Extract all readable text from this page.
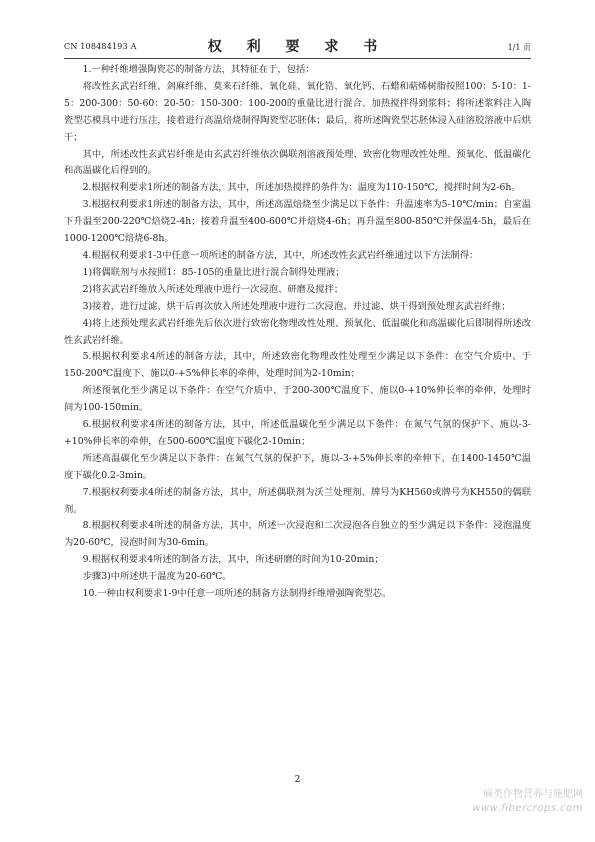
CN 108484193 A	权 利 要 求 书	1/1 页

1.一种纤维增强陶瓷芯的制备方法，其特征在于，包括：

将改性玄武岩纤维、剑麻纤维、莫来石纤维、氧化硅、氧化锆、氧化钙、石蜡和萜烯树脂按照100：5-10：1-5：200-300：50-60：20-50：150-300：100-200的重量比进行混合、加热搅拌得到浆料；将所述浆料注入陶瓷型芯模具中进行压注，接着进行高温焙烧制得陶瓷型芯胚体；最后，将所述陶瓷型芯胚体浸入硅溶胶溶液中后烘干；

其中，所述改性玄武岩纤维是由玄武岩纤维依次偶联剂溶液预处理、致密化物理改性处理、预氧化、低温碳化和高温碳化后得到的。

2.根据权利要求1所述的制备方法，其中，所述加热搅拌的条件为：温度为110-150℃，搅拌时间为2-6h。

3.根据权利要求1所述的制备方法，其中，所述高温焙烧至少满足以下条件：升温速率为5-10℃/min；自室温下升温至200-220℃焙烧2-4h；接着升温至400-600℃并焙烧4-6h；再升温至800-850℃并保温4-5h，最后在1000-1200℃焙烧6-8h。

4.根据权利要求1-3中任意一项所述的制备方法，其中，所述改性玄武岩纤维通过以下方法制得：

1)将偶联剂与水按照1：85-105的重量比进行混合制得处理液；

2)将玄武岩纤维放入所述处理液中进行一次浸泡、研磨及搅拌；

3)接着，进行过滤、烘干后再次放入所述处理液中进行二次浸泡、并过滤、烘干得到预处理玄武岩纤维；

4)将上述预处理玄武岩纤维先后依次进行致密化物理改性处理、预氧化、低温碳化和高温碳化后即制得所述改性玄武岩纤维。

5.根据权利要求4所述的制备方法，其中，所述致密化物理改性处理至少满足以下条件：在空气介质中、于150-200℃温度下、施以0-+5%伸长率的牵伸，处理时间为2-10min；

所述预氧化至少满足以下条件：在空气介质中、于200-300℃温度下、施以0-+10%伸长率的牵伸，处理时间为100-150min。

6.根据权利要求4所述的制备方法，其中，所述低温碳化至少满足以下条件：在氮气气氛的保护下、施以-3-+10%伸长率的牵伸，在500-600℃温度下碳化2-10min；

所述高温碳化至少满足以下条件：在氮气气氛的保护下，施以-3-+5%伸长率的牵伸下、在1400-1450℃温度下碳化0.2-3min。

7.根据权利要求4所述的制备方法，其中，所述偶联剂为沃兰处理剂、牌号为KH560或牌号为KH550的偶联剂。

8.根据权利要求4所述的制备方法，其中，所述一次浸泡和二次浸泡各自独立的至少满足以下条件：浸泡温度为20-60℃，浸泡时间为30-6min。

9.根据权利要求4所述的制备方法，其中，所述研磨的时间为10-20min；

步骤3)中所述烘干温度为20-60℃。

10.一种由权利要求1-9中任意一项所述的制备方法制得纤维增强陶瓷型芯。

2
麻类作物营养与施肥网
www.fibercrops.com
